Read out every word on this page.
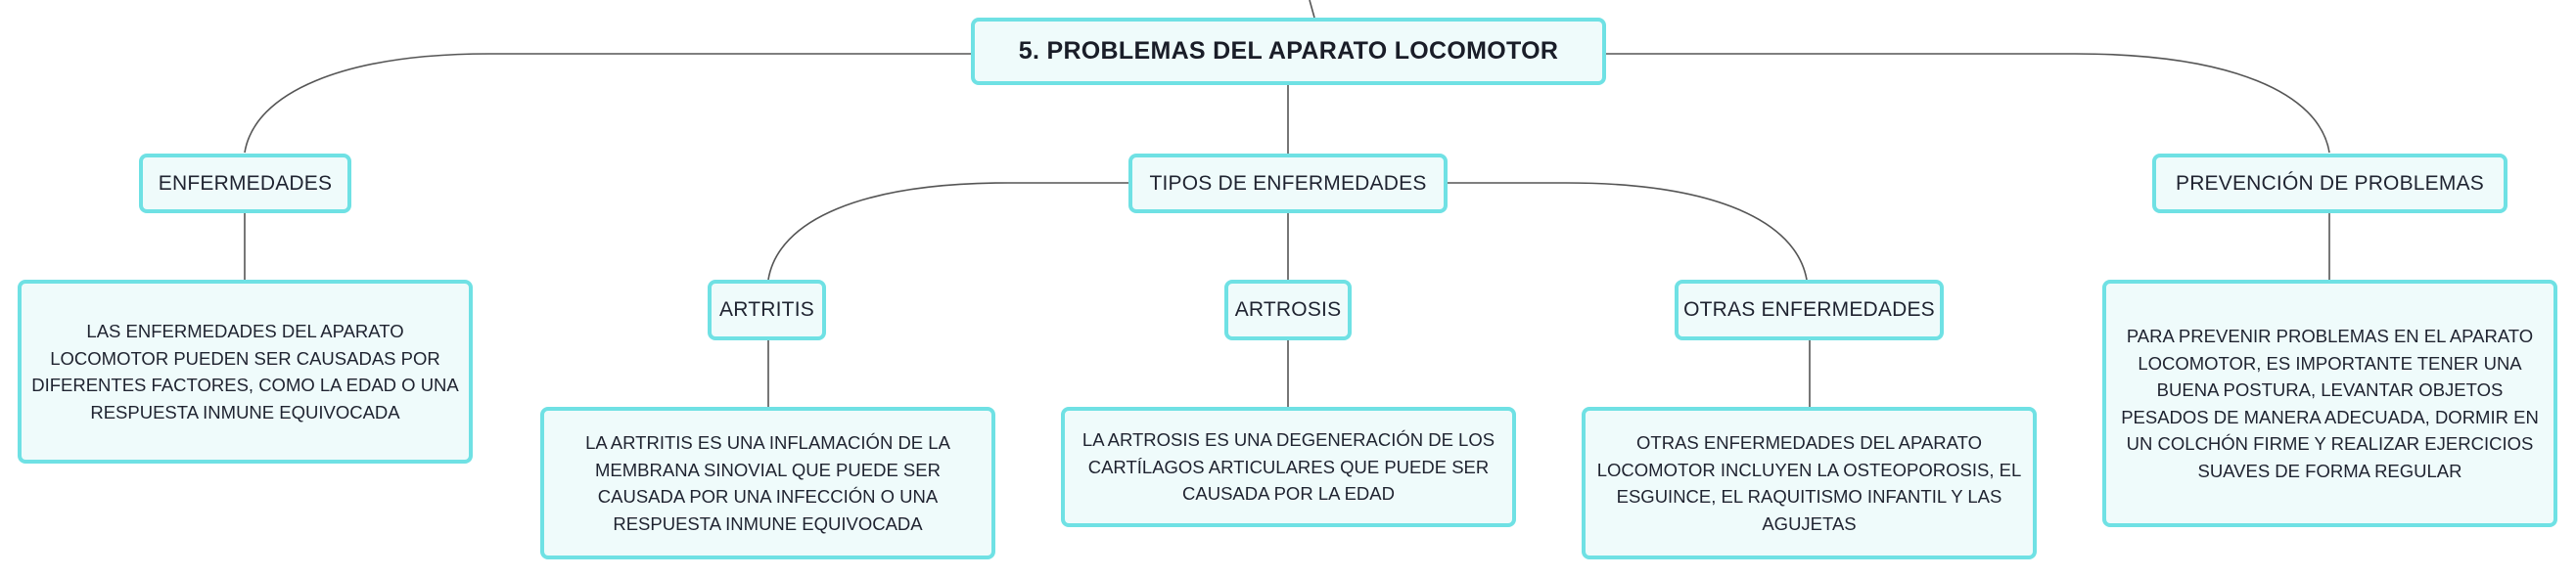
5. PROBLEMAS DEL APARATO LOCOMOTOR
ENFERMEDADES
LAS ENFERMEDADES DEL APARATO LOCOMOTOR PUEDEN SER CAUSADAS POR DIFERENTES FACTORES, COMO LA EDAD O UNA RESPUESTA INMUNE EQUIVOCADA
TIPOS DE ENFERMEDADES
ARTRITIS
LA ARTRITIS ES UNA INFLAMACIÓN DE LA MEMBRANA SINOVIAL QUE PUEDE SER CAUSADA POR UNA INFECCIÓN O UNA RESPUESTA INMUNE EQUIVOCADA
ARTROSIS
LA ARTROSIS ES UNA DEGENERACIÓN DE LOS CARTÍLAGOS ARTICULARES QUE PUEDE SER CAUSADA POR LA EDAD
OTRAS ENFERMEDADES
OTRAS ENFERMEDADES DEL APARATO LOCOMOTOR INCLUYEN LA OSTEOPOROSIS, EL ESGUINCE, EL RAQUITISMO INFANTIL Y LAS AGUJETAS
PREVENCIÓN DE PROBLEMAS
PARA PREVENIR PROBLEMAS EN EL APARATO LOCOMOTOR, ES IMPORTANTE TENER UNA BUENA POSTURA, LEVANTAR OBJETOS PESADOS DE MANERA ADECUADA, DORMIR EN UN COLCHÓN FIRME Y REALIZAR EJERCICIOS SUAVES DE FORMA REGULAR
